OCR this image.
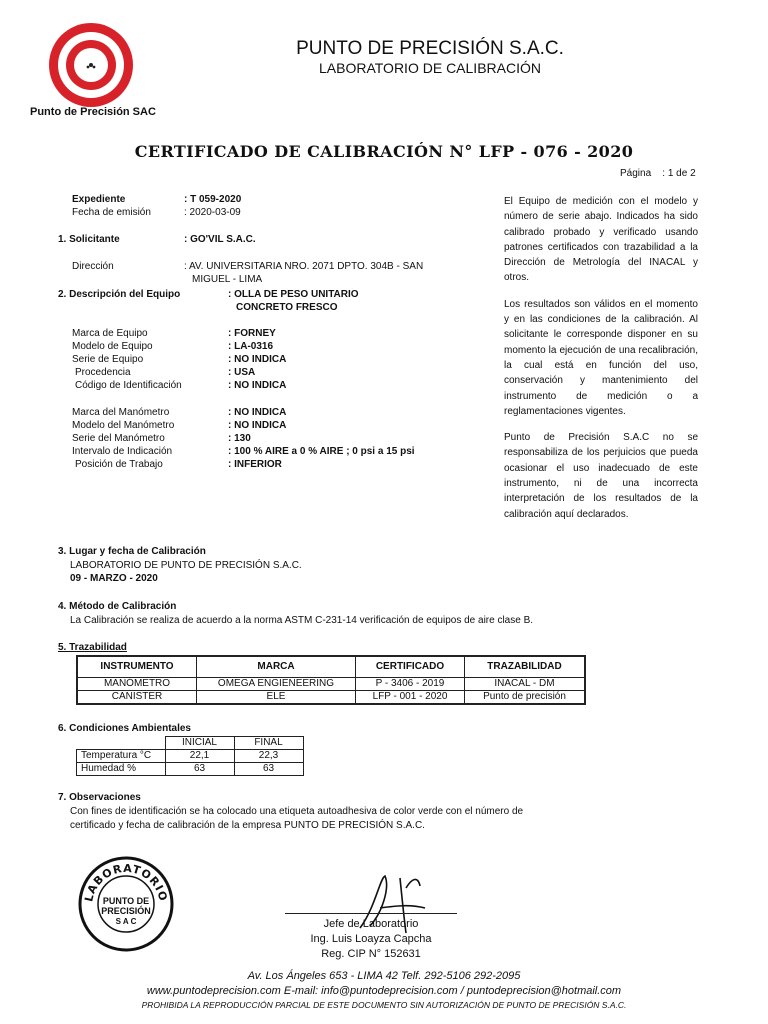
Punto de Precisión SAC
PUNTO DE PRECISIÓN S.A.C.
LABORATORIO DE CALIBRACIÓN
CERTIFICADO DE CALIBRACIÓN N° LFP - 076 - 2020
Página : 1 de 2
Expediente	: T 059-2020
Fecha de emisión	: 2020-03-09
1. Solicitante	: GO'VIL S.A.C.
Dirección	: AV. UNIVERSITARIA NRO. 2071 DPTO. 304B - SAN
MIGUEL - LIMA
2. Descripción del Equipo	: OLLA DE PESO UNITARIO
CONCRETO FRESCO
Marca de Equipo	: FORNEY
Modelo de Equipo	: LA-0316
Serie de Equipo	: NO INDICA
Procedencia	: USA
Código de Identificación	: NO INDICA
Marca del Manómetro	: NO INDICA
Modelo del Manómetro	: NO INDICA
Serie del Manómetro	: 130
Intervalo de Indicación	: 100 % AIRE a 0 % AIRE ; 0 psi a 15 psi
Posición de Trabajo	: INFERIOR

El Equipo de medición con el modelo y número de serie abajo. Indicados ha sido calibrado probado y verificado usando patrones certificados con trazabilidad a la Dirección de Metrología del INACAL y otros.

Los resultados son válidos en el momento y en las condiciones de la calibración. Al solicitante le corresponde disponer en su momento la ejecución de una recalibración, la cual está en función del uso, conservación y mantenimiento del instrumento de medición o a reglamentaciones vigentes.

Punto de Precisión S.A.C no se responsabiliza de los perjuicios que pueda ocasionar el uso inadecuado de este instrumento, ni de una incorrecta interpretación de los resultados de la calibración aquí declarados.

3. Lugar y fecha de Calibración
LABORATORIO DE PUNTO DE PRECISIÓN S.A.C.
09 - MARZO - 2020
4. Método de Calibración
La Calibración se realiza de acuerdo a la norma ASTM C-231-14 verificación de equipos de aire clase B.
5. Trazabilidad
INSTRUMENTO	MARCA	CERTIFICADO	TRAZABILIDAD
MANÓMETRO	OMEGA ENGIENEERING	P - 3406 - 2019	INACAL - DM
CANISTER	ELE	LFP - 001 - 2020	Punto de precisión
6. Condiciones Ambientales
	INICIAL	FINAL
Temperatura °C	22,1	22,3
Humedad %	63	63
7. Observaciones
Con fines de identificación se ha colocado una etiqueta autoadhesiva de color verde con el número de
certificado y fecha de calibración de la empresa PUNTO DE PRECISIÓN S.A.C.
LABORATORIO
PUNTO DE
PRECISIÓN
S A C	Jefe de Laboratorio
Ing. Luis Loayza Capcha
Reg. CIP N° 152631
Av. Los Ángeles 653 - LIMA 42 Telf. 292-5106 292-2095
www.puntodeprecision.com E-mail: info@puntodeprecision.com / puntodeprecision@hotmail.com
PROHIBIDA LA REPRODUCCIÓN PARCIAL DE ESTE DOCUMENTO SIN AUTORIZACIÓN DE PUNTO DE PRECISIÓN S.A.C.
